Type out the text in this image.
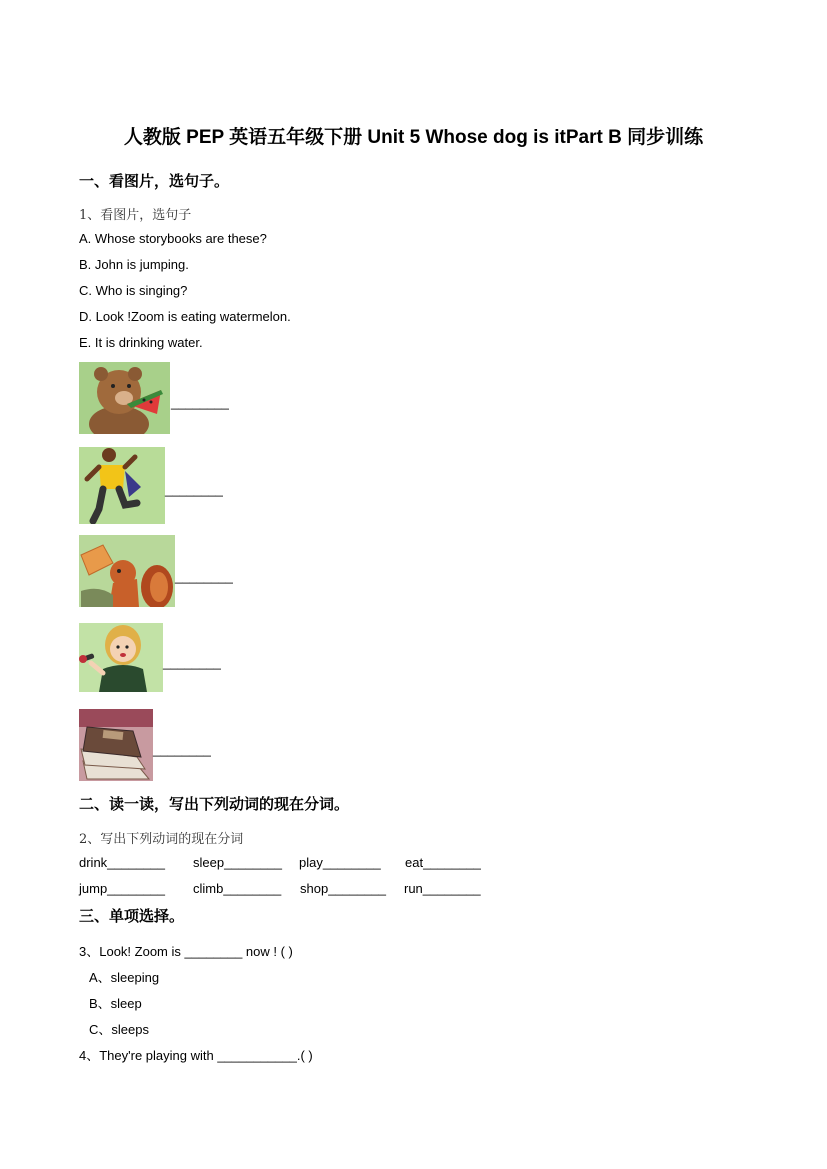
人教版 PEP 英语五年级下册 Unit 5 Whose dog is itPart B 同步训练
一、看图片，选句子。
1、看图片，选句子
A. Whose storybooks are these?
B. John is jumping.
C. Who is singing?
D. Look !Zoom is eating watermelon.
E. It is drinking water.
________
________
________
________
________
二、读一读，写出下列动词的现在分词。
2、写出下列动词的现在分词
drink________ sleep________ play________ eat________
jump________ climb________ shop________ run________
三、单项选择。
3、Look! Zoom is ________ now ! ( )
A、sleeping
B、sleep
C、sleeps
4、They're playing with ___________.( )
